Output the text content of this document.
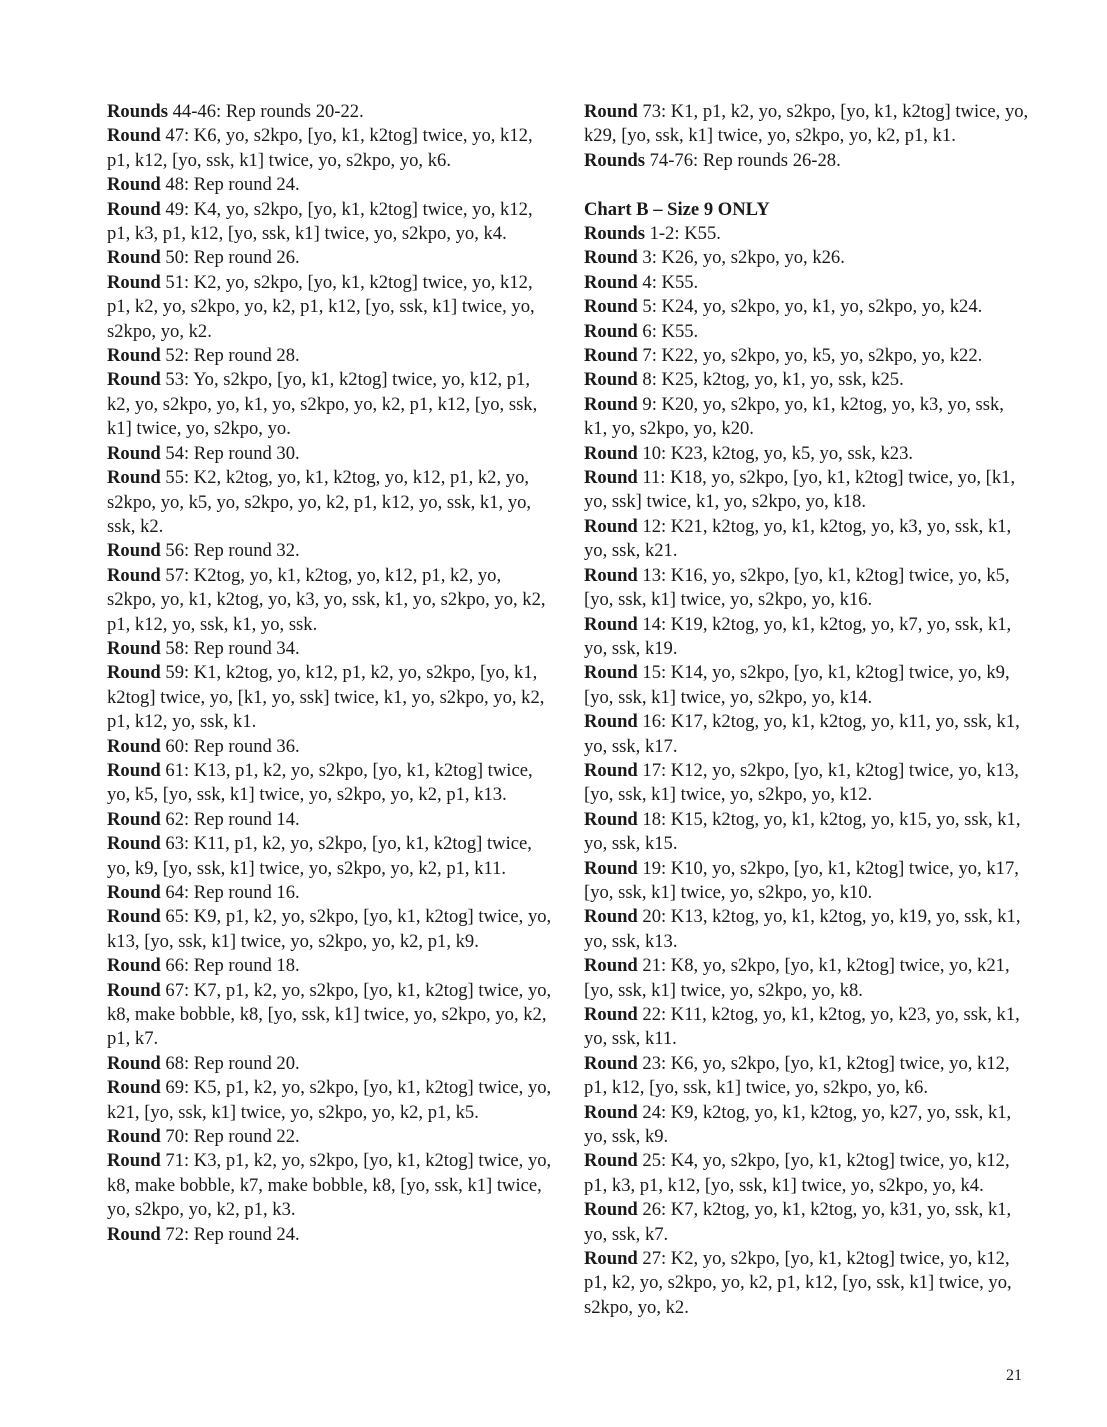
Rounds 44-46: Rep rounds 20-22.

Round 47: K6, yo, s2kpo, [yo, k1, k2tog] twice, yo, k12, p1, k12, [yo, ssk, k1] twice, yo, s2kpo, yo, k6.

Round 48: Rep round 24.

Round 49: K4, yo, s2kpo, [yo, k1, k2tog] twice, yo, k12, p1, k3, p1, k12, [yo, ssk, k1] twice, yo, s2kpo, yo, k4.

Round 50: Rep round 26.

Round 51: K2, yo, s2kpo, [yo, k1, k2tog] twice, yo, k12, p1, k2, yo, s2kpo, yo, k2, p1, k12, [yo, ssk, k1] twice, yo, s2kpo, yo, k2.

Round 52: Rep round 28.

Round 53: Yo, s2kpo, [yo, k1, k2tog] twice, yo, k12, p1, k2, yo, s2kpo, yo, k1, yo, s2kpo, yo, k2, p1, k12, [yo, ssk, k1] twice, yo, s2kpo, yo.

Round 54: Rep round 30.

Round 55: K2, k2tog, yo, k1, k2tog, yo, k12, p1, k2, yo, s2kpo, yo, k5, yo, s2kpo, yo, k2, p1, k12, yo, ssk, k1, yo, ssk, k2.

Round 56: Rep round 32.

Round 57: K2tog, yo, k1, k2tog, yo, k12, p1, k2, yo, s2kpo, yo, k1, k2tog, yo, k3, yo, ssk, k1, yo, s2kpo, yo, k2, p1, k12, yo, ssk, k1, yo, ssk.

Round 58: Rep round 34.

Round 59: K1, k2tog, yo, k12, p1, k2, yo, s2kpo, [yo, k1, k2tog] twice, yo, [k1, yo, ssk] twice, k1, yo, s2kpo, yo, k2, p1, k12, yo, ssk, k1.

Round 60: Rep round 36.

Round 61: K13, p1, k2, yo, s2kpo, [yo, k1, k2tog] twice, yo, k5, [yo, ssk, k1] twice, yo, s2kpo, yo, k2, p1, k13.

Round 62: Rep round 14.

Round 63: K11, p1, k2, yo, s2kpo, [yo, k1, k2tog] twice, yo, k9, [yo, ssk, k1] twice, yo, s2kpo, yo, k2, p1, k11.

Round 64: Rep round 16.

Round 65: K9, p1, k2, yo, s2kpo, [yo, k1, k2tog] twice, yo, k13, [yo, ssk, k1] twice, yo, s2kpo, yo, k2, p1, k9.

Round 66: Rep round 18.

Round 67: K7, p1, k2, yo, s2kpo, [yo, k1, k2tog] twice, yo, k8, make bobble, k8, [yo, ssk, k1] twice, yo, s2kpo, yo, k2, p1, k7.

Round 68: Rep round 20.

Round 69: K5, p1, k2, yo, s2kpo, [yo, k1, k2tog] twice, yo, k21, [yo, ssk, k1] twice, yo, s2kpo, yo, k2, p1, k5.

Round 70: Rep round 22.

Round 71: K3, p1, k2, yo, s2kpo, [yo, k1, k2tog] twice, yo, k8, make bobble, k7, make bobble, k8, [yo, ssk, k1] twice, yo, s2kpo, yo, k2, p1, k3.

Round 72: Rep round 24.

Round 73: K1, p1, k2, yo, s2kpo, [yo, k1, k2tog] twice, yo, k29, [yo, ssk, k1] twice, yo, s2kpo, yo, k2, p1, k1.

Rounds 74-76: Rep rounds 26-28.

Chart B – Size 9 ONLY

Rounds 1-2: K55.

Round 3: K26, yo, s2kpo, yo, k26.

Round 4: K55.

Round 5: K24, yo, s2kpo, yo, k1, yo, s2kpo, yo, k24.

Round 6: K55.

Round 7: K22, yo, s2kpo, yo, k5, yo, s2kpo, yo, k22.

Round 8: K25, k2tog, yo, k1, yo, ssk, k25.

Round 9: K20, yo, s2kpo, yo, k1, k2tog, yo, k3, yo, ssk, k1, yo, s2kpo, yo, k20.

Round 10: K23, k2tog, yo, k5, yo, ssk, k23.

Round 11: K18, yo, s2kpo, [yo, k1, k2tog] twice, yo, [k1, yo, ssk] twice, k1, yo, s2kpo, yo, k18.

Round 12: K21, k2tog, yo, k1, k2tog, yo, k3, yo, ssk, k1, yo, ssk, k21.

Round 13: K16, yo, s2kpo, [yo, k1, k2tog] twice, yo, k5, [yo, ssk, k1] twice, yo, s2kpo, yo, k16.

Round 14: K19, k2tog, yo, k1, k2tog, yo, k7, yo, ssk, k1, yo, ssk, k19.

Round 15: K14, yo, s2kpo, [yo, k1, k2tog] twice, yo, k9, [yo, ssk, k1] twice, yo, s2kpo, yo, k14.

Round 16: K17, k2tog, yo, k1, k2tog, yo, k11, yo, ssk, k1, yo, ssk, k17.

Round 17: K12, yo, s2kpo, [yo, k1, k2tog] twice, yo, k13, [yo, ssk, k1] twice, yo, s2kpo, yo, k12.

Round 18: K15, k2tog, yo, k1, k2tog, yo, k15, yo, ssk, k1, yo, ssk, k15.

Round 19: K10, yo, s2kpo, [yo, k1, k2tog] twice, yo, k17, [yo, ssk, k1] twice, yo, s2kpo, yo, k10.

Round 20: K13, k2tog, yo, k1, k2tog, yo, k19, yo, ssk, k1, yo, ssk, k13.

Round 21: K8, yo, s2kpo, [yo, k1, k2tog] twice, yo, k21, [yo, ssk, k1] twice, yo, s2kpo, yo, k8.

Round 22: K11, k2tog, yo, k1, k2tog, yo, k23, yo, ssk, k1, yo, ssk, k11.

Round 23: K6, yo, s2kpo, [yo, k1, k2tog] twice, yo, k12, p1, k12, [yo, ssk, k1] twice, yo, s2kpo, yo, k6.

Round 24: K9, k2tog, yo, k1, k2tog, yo, k27, yo, ssk, k1, yo, ssk, k9.

Round 25: K4, yo, s2kpo, [yo, k1, k2tog] twice, yo, k12, p1, k3, p1, k12, [yo, ssk, k1] twice, yo, s2kpo, yo, k4.

Round 26: K7, k2tog, yo, k1, k2tog, yo, k31, yo, ssk, k1, yo, ssk, k7.

Round 27: K2, yo, s2kpo, [yo, k1, k2tog] twice, yo, k12, p1, k2, yo, s2kpo, yo, k2, p1, k12, [yo, ssk, k1] twice, yo, s2kpo, yo, k2.

21
